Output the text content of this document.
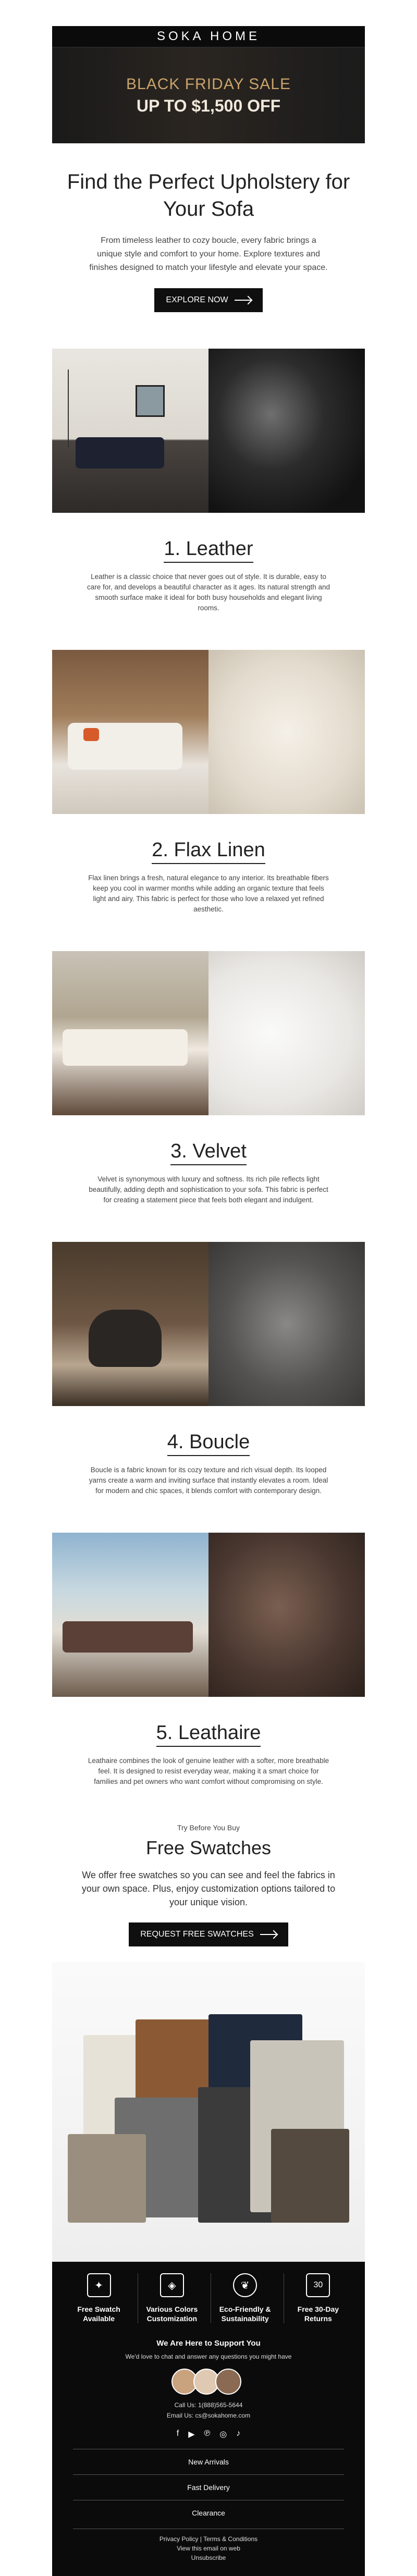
SOKA HOME
BLACK FRIDAY SALE
UP TO $1,500 OFF
Find the Perfect Upholstery for Your Sofa

From timeless leather to cozy boucle, every fabric brings a unique style and comfort to your home. Explore textures and finishes designed to match your lifestyle and elevate your space.

EXPLORE NOW
1. Leather

Leather is a classic choice that never goes out of style. It is durable, easy to care for, and develops a beautiful character as it ages. Its natural strength and smooth surface make it ideal for both busy households and elegant living rooms.

2. Flax Linen

Flax linen brings a fresh, natural elegance to any interior. Its breathable fibers keep you cool in warmer months while adding an organic texture that feels light and airy. This fabric is perfect for those who love a relaxed yet refined aesthetic.

3. Velvet

Velvet is synonymous with luxury and softness. Its rich pile reflects light beautifully, adding depth and sophistication to your sofa. This fabric is perfect for creating a statement piece that feels both elegant and indulgent.

4. Boucle

Boucle is a fabric known for its cozy texture and rich visual depth. Its looped yarns create a warm and inviting surface that instantly elevates a room. Ideal for modern and chic spaces, it blends comfort with contemporary design.

5. Leathaire

Leathaire combines the look of genuine leather with a softer, more breathable feel. It is designed to resist everyday wear, making it a smart choice for families and pet owners who want comfort without compromising on style.

Try Before You Buy
Free Swatches

We offer free swatches so you can see and feel the fabrics in your own space. Plus, enjoy customization options tailored to your unique vision.

REQUEST FREE SWATCHES
✦
Free Swatch Available
◈
Various Colors Customization
❦
Eco-Friendly & Sustainability
30
Free 30-Day Returns
We Are Here to Support You
We'd love to chat and answer any questions you might have
Call Us: 1(888)565-5644
Email Us: cs@sokahome.com
f ▶ ℗ ◎ ♪
New Arrivals
Fast Delivery
Clearance
Privacy Policy | Terms & Conditions
View this email on web
Unsubscribe
